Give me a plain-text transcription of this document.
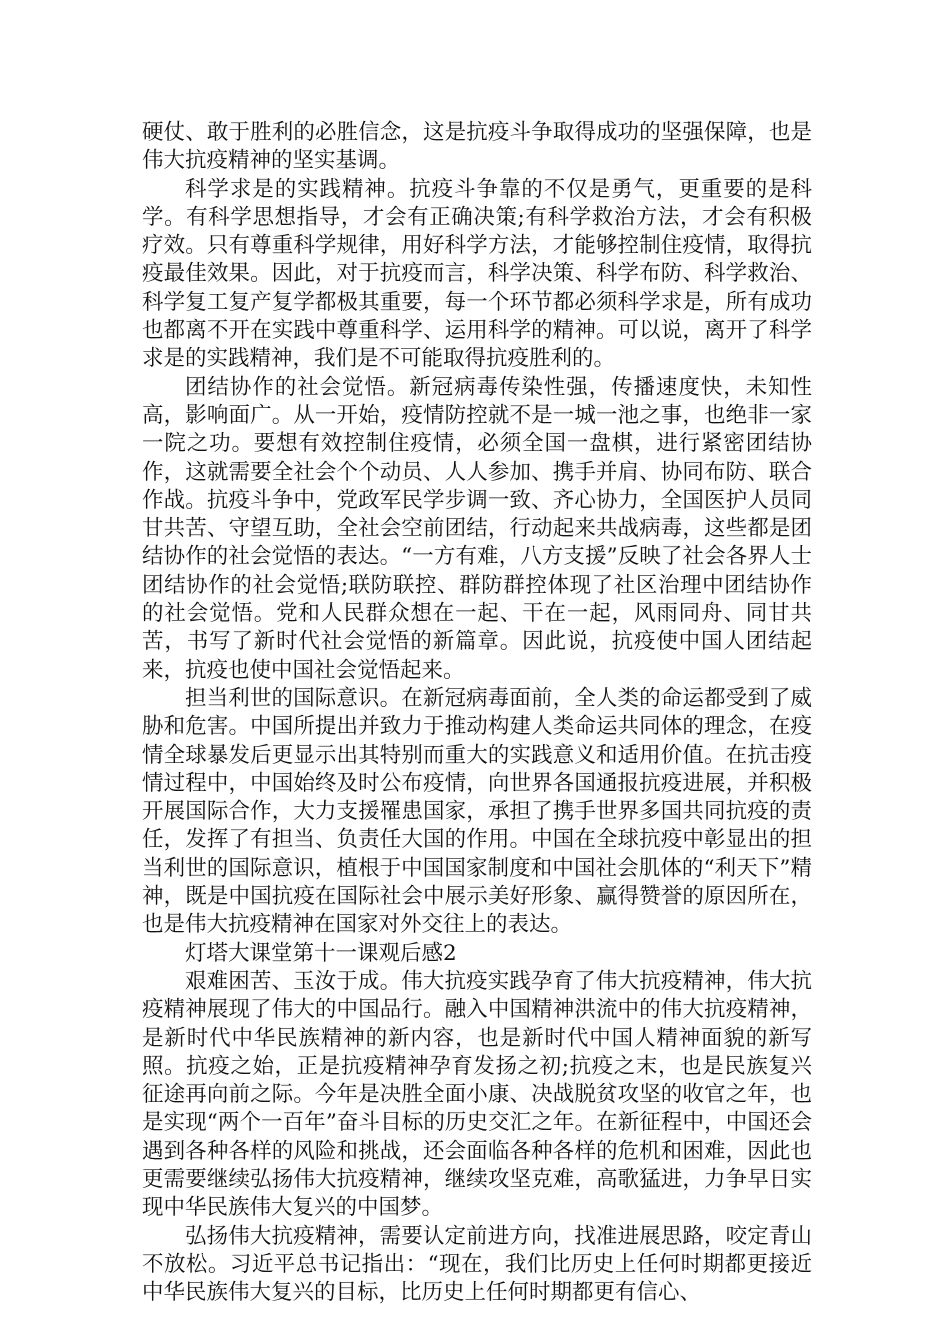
硬仗、敢于胜利的必胜信念，这是抗疫斗争取得成功的坚强保障，也是伟大抗疫精神的坚实基调。

科学求是的实践精神。抗疫斗争靠的不仅是勇气，更重要的是科学。有科学思想指导，才会有正确决策;有科学救治方法，才会有积极疗效。只有尊重科学规律，用好科学方法，才能够控制住疫情，取得抗疫最佳效果。因此，对于抗疫而言，科学决策、科学布防、科学救治、科学复工复产复学都极其重要，每一个环节都必须科学求是，所有成功也都离不开在实践中尊重科学、运用科学的精神。可以说，离开了科学求是的实践精神，我们是不可能取得抗疫胜利的。

团结协作的社会觉悟。新冠病毒传染性强，传播速度快，未知性高，影响面广。从一开始，疫情防控就不是一城一池之事，也绝非一家一院之功。要想有效控制住疫情，必须全国一盘棋，进行紧密团结协作，这就需要全社会个个动员、人人参加、携手并肩、协同布防、联合作战。抗疫斗争中，党政军民学步调一致、齐心协力，全国医护人员同甘共苦、守望互助，全社会空前团结，行动起来共战病毒，这些都是团结协作的社会觉悟的表达。“一方有难，八方支援”反映了社会各界人士团结协作的社会觉悟;联防联控、群防群控体现了社区治理中团结协作的社会觉悟。党和人民群众想在一起、干在一起，风雨同舟、同甘共苦，书写了新时代社会觉悟的新篇章。因此说，抗疫使中国人团结起来，抗疫也使中国社会觉悟起来。

担当利世的国际意识。在新冠病毒面前，全人类的命运都受到了威胁和危害。中国所提出并致力于推动构建人类命运共同体的理念，在疫情全球暴发后更显示出其特别而重大的实践意义和适用价值。在抗击疫情过程中，中国始终及时公布疫情，向世界各国通报抗疫进展，并积极开展国际合作，大力支援罹患国家，承担了携手世界多国共同抗疫的责任，发挥了有担当、负责任大国的作用。中国在全球抗疫中彰显出的担当利世的国际意识，植根于中国国家制度和中国社会肌体的“利天下”精神，既是中国抗疫在国际社会中展示美好形象、赢得赞誉的原因所在，也是伟大抗疫精神在国家对外交往上的表达。

灯塔大课堂第十一课观后感2

艰难困苦、玉汝于成。伟大抗疫实践孕育了伟大抗疫精神，伟大抗疫精神展现了伟大的中国品行。融入中国精神洪流中的伟大抗疫精神，是新时代中华民族精神的新内容，也是新时代中国人精神面貌的新写照。抗疫之始，正是抗疫精神孕育发扬之初;抗疫之末，也是民族复兴征途再向前之际。今年是决胜全面小康、决战脱贫攻坚的收官之年，也是实现“两个一百年”奋斗目标的历史交汇之年。在新征程中，中国还会遇到各种各样的风险和挑战，还会面临各种各样的危机和困难，因此也更需要继续弘扬伟大抗疫精神，继续攻坚克难，高歌猛进，力争早日实现中华民族伟大复兴的中国梦。

弘扬伟大抗疫精神，需要认定前进方向，找准进展思路，咬定青山不放松。习近平总书记指出：“现在，我们比历史上任何时期都更接近中华民族伟大复兴的目标，比历史上任何时期都更有信心、
